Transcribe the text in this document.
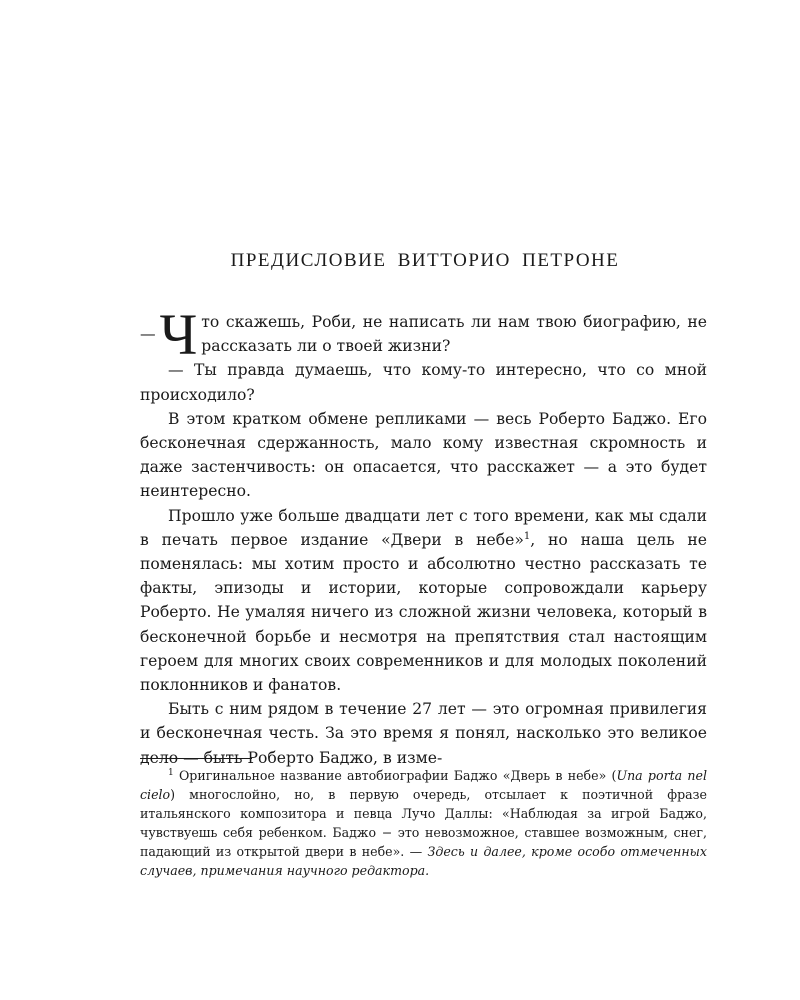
ПРЕДИСЛОВИЕ ВИТТОРИО ПЕТРОНЕ

— Ч то скажешь, Роби, не написать ли нам твою биографию, не рассказать ли о твоей жизни?

— Ты правда думаешь, что кому-то интересно, что со мной происходило?

В этом кратком обмене репликами — весь Роберто Баджо. Его бесконечная сдержанность, мало кому известная скромность и даже застенчивость: он опасается, что расскажет — а это будет неинтересно.

Прошло уже больше двадцати лет с того времени, как мы сдали в печать первое издание «Двери в небе»$^1$, но наша цель не поменялась: мы хотим просто и абсолютно честно рассказать те факты, эпизоды и истории, которые сопровождали карьеру Роберто. Не умаляя ничего из сложной жизни человека, который в бесконечной борьбе и несмотря на препятствия стал настоящим героем для многих своих современников и для молодых поколений поклонников и фанатов.

Быть с ним рядом в течение 27 лет — это огромная привилегия и бесконечная честь. За это время я понял, насколько это великое дело — быть Роберто Баджо, в изме-

$^1$ Оригинальное название автобиографии Баджо «Дверь в небе» (Una porta nel cielo) многослойно, но, в первую очередь, отсылает к поэтичной фразе итальянского композитора и певца Лучо Даллы: «Наблюдая за игрой Баджо, чувствуешь себя ребенком. Баджо − это невозможное, ставшее возможным, снег, падающий из открытой двери в небе». — Здесь и далее, кроме особо отмеченных случаев, примечания научного редактора.
